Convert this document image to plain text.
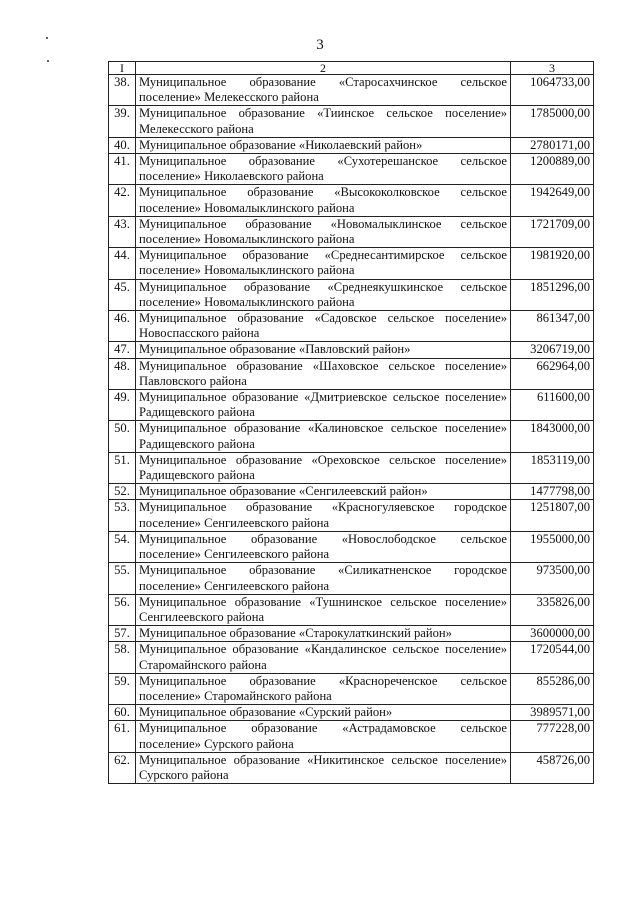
3
I	2	3
38.	Муниципальное образование «Старосахчинское сельское поселение» Мелекесского района	1064733,00
39.	Муниципальное образование «Тиинское сельское поселение» Мелекесского района	1785000,00
40.	Муниципальное образование «Николаевский район»	2780171,00
41.	Муниципальное образование «Сухотерешанское сельское поселение» Николаевского района	1200889,00
42.	Муниципальное образование «Высококолковское сельское поселение» Новомалыклинского района	1942649,00
43.	Муниципальное образование «Новомалыклинское сельское поселение» Новомалыклинского района	1721709,00
44.	Муниципальное образование «Среднесантимирское сельское поселение» Новомалыклинского района	1981920,00
45.	Муниципальное образование «Среднеякушкинское сельское поселение» Новомалыклинского района	1851296,00
46.	Муниципальное образование «Садовское сельское поселение» Новоспасского района	861347,00
47.	Муниципальное образование «Павловский район»	3206719,00
48.	Муниципальное образование «Шаховское сельское поселение» Павловского района	662964,00
49.	Муниципальное образование «Дмитриевское сельское поселение» Радищевского района	611600,00
50.	Муниципальное образование «Калиновское сельское поселение» Радищевского района	1843000,00
51.	Муниципальное образование «Ореховское сельское поселение» Радищевского района	1853119,00
52.	Муниципальное образование «Сенгилеевский район»	1477798,00
53.	Муниципальное образование «Красногуляевское городское поселение» Сенгилеевского района	1251807,00
54.	Муниципальное образование «Новослободское сельское поселение» Сенгилеевского района	1955000,00
55.	Муниципальное образование «Силикатненское городское поселение» Сенгилеевского района	973500,00
56.	Муниципальное образование «Тушнинское сельское поселение» Сенгилеевского района	335826,00
57.	Муниципальное образование «Старокулаткинский район»	3600000,00
58.	Муниципальное образование «Кандалинское сельское поселение» Старомайнского района	1720544,00
59.	Муниципальное образование «Краснореченское сельское поселение» Старомайнского района	855286,00
60.	Муниципальное образование «Сурский район»	3989571,00
61.	Муниципальное образование «Астрадамовское сельское поселение» Сурского района	777228,00
62.	Муниципальное образование «Никитинское сельское поселение» Сурского района	458726,00
